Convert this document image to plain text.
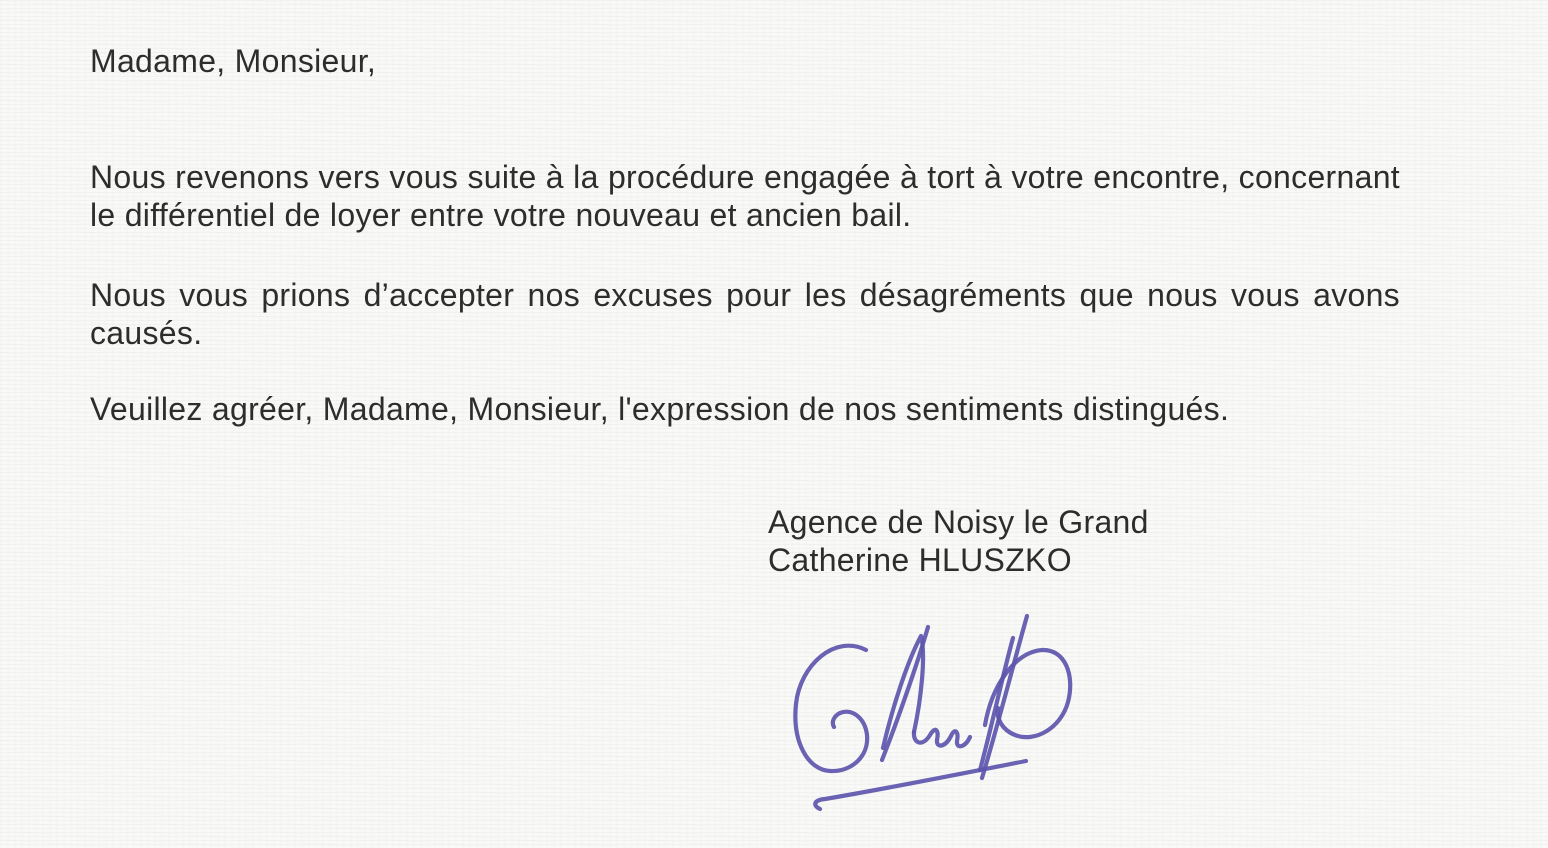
Madame, Monsieur,

Nous revenons vers vous suite à la procédure engagée à tort à votre encontre, concernant le différentiel de loyer entre votre nouveau et ancien bail.

Nous vous prions d’accepter nos excuses pour les désagréments que nous vous avons causés.

Veuillez agréer, Madame, Monsieur, l'expression de nos sentiments distingués.

Agence de Noisy le Grand

Catherine HLUSZKO
